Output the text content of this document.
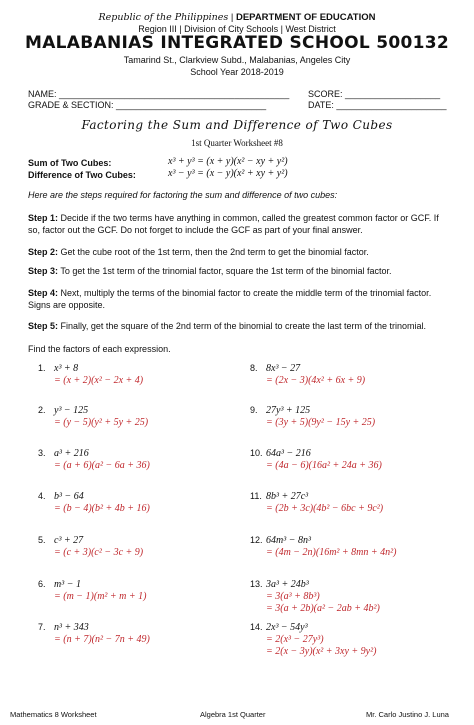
Republic of the Philippines | DEPARTMENT OF EDUCATION
Region III | Division of City Schools | West District
MALABANIAS INTEGRATED SCHOOL 500132
Tamarind St., Clarkview Subd., Malabanias, Angeles City
School Year 2018-2019
NAME: ______________________________________________ SCORE: ___________________
GRADE & SECTION: ______________________________	DATE: ______________________
Factoring the Sum and Difference of Two Cubes
1st Quarter Worksheet #8
Sum of Two Cubes:	x³ + y³ = (x + y)(x² − xy + y²)
Difference of Two Cubes:	x³ − y³ = (x − y)(x² + xy + y²)
Here are the steps required for factoring the sum and difference of two cubes:
Step 1: Decide if the two terms have anything in common, called the greatest common factor or GCF. If so, factor out the GCF. Do not forget to include the GCF as part of your final answer.
Step 2: Get the cube root of the 1st term, then the 2nd term to get the binomial factor.
Step 3: To get the 1st term of the trinomial factor, square the 1st term of the binomial factor.
Step 4: Next, multiply the terms of the binomial factor to create the middle term of the trinomial factor. Signs are opposite.
Step 5: Finally, get the square of the 2nd term of the binomial to create the last term of the trinomial.
Find the factors of each expression.
1. x³ + 8
= (x + 2)(x² − 2x + 4)
2. y³ − 125
= (y − 5)(y² + 5y + 25)
3. a³ + 216
= (a + 6)(a² − 6a + 36)
4. b³ − 64
= (b − 4)(b² + 4b + 16)
5. c³ + 27
= (c + 3)(c² − 3c + 9)
6. m³ − 1
= (m − 1)(m² + m + 1)
7. n³ + 343
= (n + 7)(n² − 7n + 49)
8. 8x³ − 27
= (2x − 3)(4x² + 6x + 9)
9. 27y³ + 125
= (3y + 5)(9y² − 15y + 25)
10. 64a³ − 216
= (4a − 6)(16a² + 24a + 36)
11. 8b³ + 27c³
= (2b + 3c)(4b² − 6bc + 9c²)
12. 64m³ − 8n³
= (4m − 2n)(16m² + 8mn + 4n²)
13. 3a³ + 24b³
= 3(a³ + 8b³)
= 3(a + 2b)(a² − 2ab + 4b²)
14. 2x³ − 54y³
= 2(x³ − 27y³)
= 2(x − 3y)(x² + 3xy + 9y²)
Mathematics 8 Worksheet	Algebra 1st Quarter	Mr. Carlo Justino J. Luna
